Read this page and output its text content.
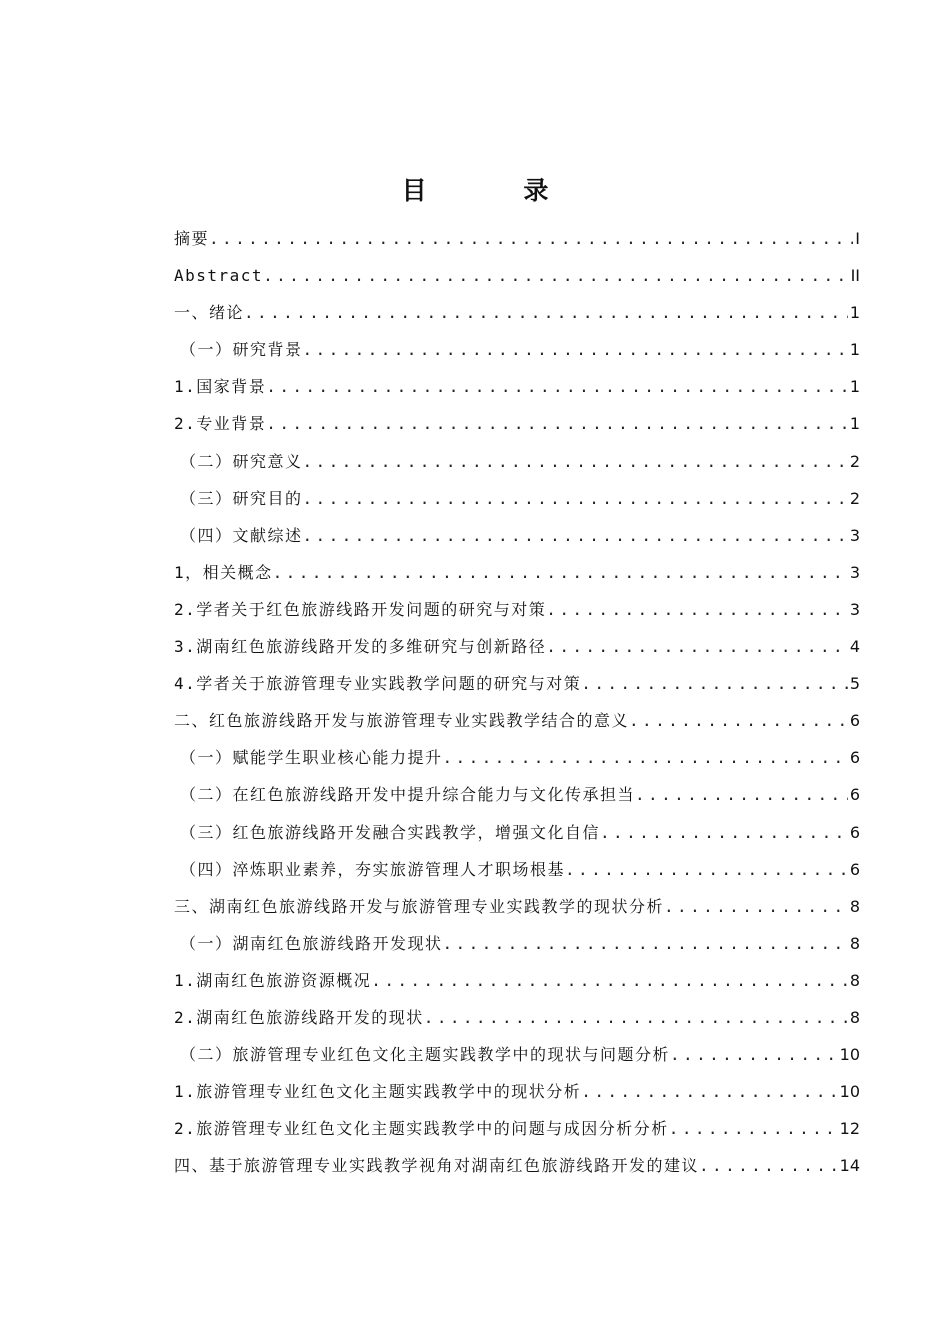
目 录
摘要 .....	I
Abstract .....	II
一、绪论 .....	1
（一）研究背景 .....	1
1.国家背景 .....	1
2.专业背景 .....	1
（二）研究意义 .....	2
（三）研究目的 .....	2
（四）文献综述 .....	3
1，相关概念 .....	3
2.学者关于红色旅游线路开发问题的研究与对策 .....	3
3.湖南红色旅游线路开发的多维研究与创新路径 .....	4
4.学者关于旅游管理专业实践教学问题的研究与对策 .....	5
二、红色旅游线路开发与旅游管理专业实践教学结合的意义 .....	6
（一）赋能学生职业核心能力提升 .....	6
（二）在红色旅游线路开发中提升综合能力与文化传承担当 .....	6
（三）红色旅游线路开发融合实践教学，增强文化自信 .....	6
（四）淬炼职业素养，夯实旅游管理人才职场根基 .....	6
三、湖南红色旅游线路开发与旅游管理专业实践教学的现状分析 .....	8
（一）湖南红色旅游线路开发现状 .....	8
1.湖南红色旅游资源概况 .....	8
2.湖南红色旅游线路开发的现状 .....	8
（二）旅游管理专业红色文化主题实践教学中的现状与问题分析 .....	10
1.旅游管理专业红色文化主题实践教学中的现状分析 .....	10
2.旅游管理专业红色文化主题实践教学中的问题与成因分析分析 .....	12
四、基于旅游管理专业实践教学视角对湖南红色旅游线路开发的建议 .....	14
